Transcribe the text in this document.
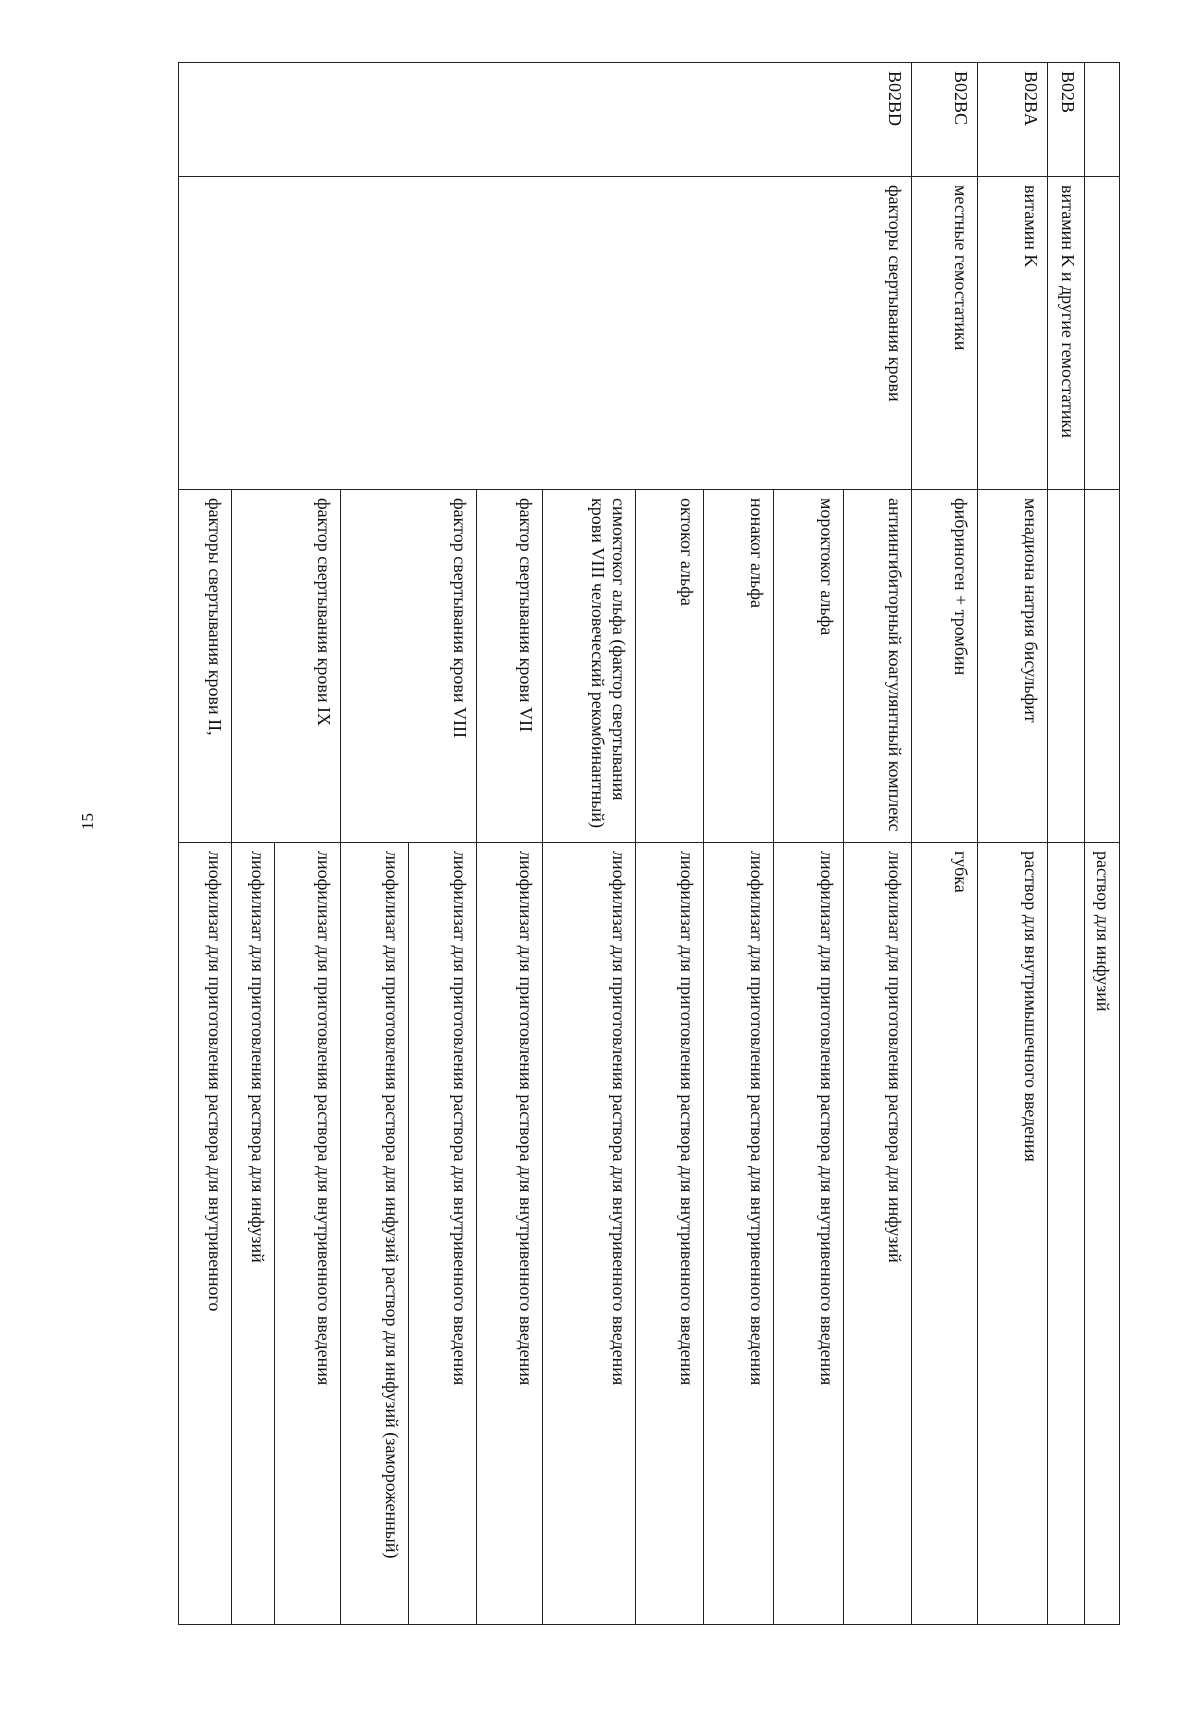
15
			раствор для инфузий
B02B	витамин K и другие гемостатики		
B02BA	витамин K	менадиона натрия бисульфит	раствор для внутримышечного введения
B02BC	местные гемостатики	фибриноген + тромбин	губка
B02BD	факторы свертывания крови	антиингибиторный коагулянтный комплекс	лиофилизат для приготовления раствора для инфузий
		мороктоког альфа	лиофилизат для приготовления раствора для внутривенного введения
		нонаког альфа	лиофилизат для приготовления раствора для внутривенного введения
		октоког альфа	лиофилизат для приготовления раствора для внутривенного введения
		симоктоког альфа (фактор свертывания крови VIII человеческий рекомбинантный)	лиофилизат для приготовления раствора для внутривенного введения
		фактор свертывания крови VII	лиофилизат для приготовления раствора для внутривенного введения
		фактор свертывания крови VIII	лиофилизат для приготовления раствора для внутривенного введения
			лиофилизат для приготовления раствора для инфузий раствор для инфузий (замороженный)
		фактор свертывания крови IX	лиофилизат для приготовления раствора для внутривенного введения
			лиофилизат для приготовления раствора для инфузий
		факторы свертывания крови II,	лиофилизат для приготовления раствора для внутривенного
